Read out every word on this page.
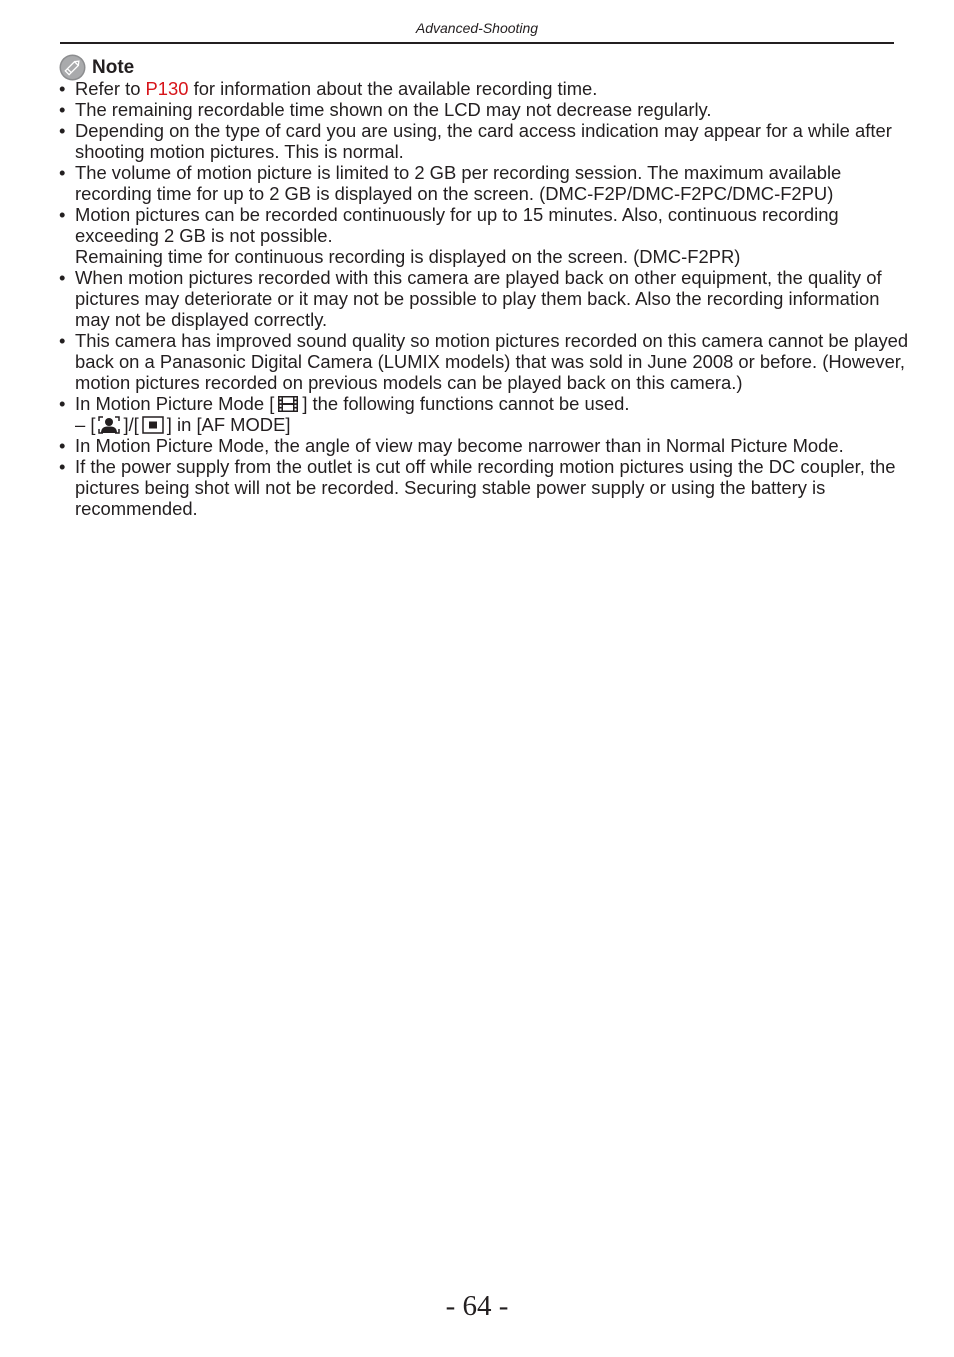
Advanced-Shooting
Note
• Refer to P130 for information about the available recording time.
• The remaining recordable time shown on the LCD may not decrease regularly.
• Depending on the type of card you are using, the card access indication may appear for a while after shooting motion pictures. This is normal.
• The volume of motion picture is limited to 2 GB per recording session. The maximum available recording time for up to 2 GB is displayed on the screen. (DMC-F2P/DMC-F2PC/DMC-F2PU)
• Motion pictures can be recorded continuously for up to 15 minutes. Also, continuous recording exceeding 2 GB is not possible.
Remaining time for continuous recording is displayed on the screen. (DMC-F2PR)
• When motion pictures recorded with this camera are played back on other equipment, the quality of pictures may deteriorate or it may not be possible to play them back. Also the recording information may not be displayed correctly.
• This camera has improved sound quality so motion pictures recorded on this camera cannot be played back on a Panasonic Digital Camera (LUMIX models) that was sold in June 2008 or before. (However, motion pictures recorded on previous models can be played back on this camera.)
• In Motion Picture Mode [ ] the following functions cannot be used.
– [ ]/[ ] in [AF MODE]
• In Motion Picture Mode, the angle of view may become narrower than in Normal Picture Mode.
• If the power supply from the outlet is cut off while recording motion pictures using the DC coupler, the pictures being shot will not be recorded. Securing stable power supply or using the battery is recommended.
- 64 -
